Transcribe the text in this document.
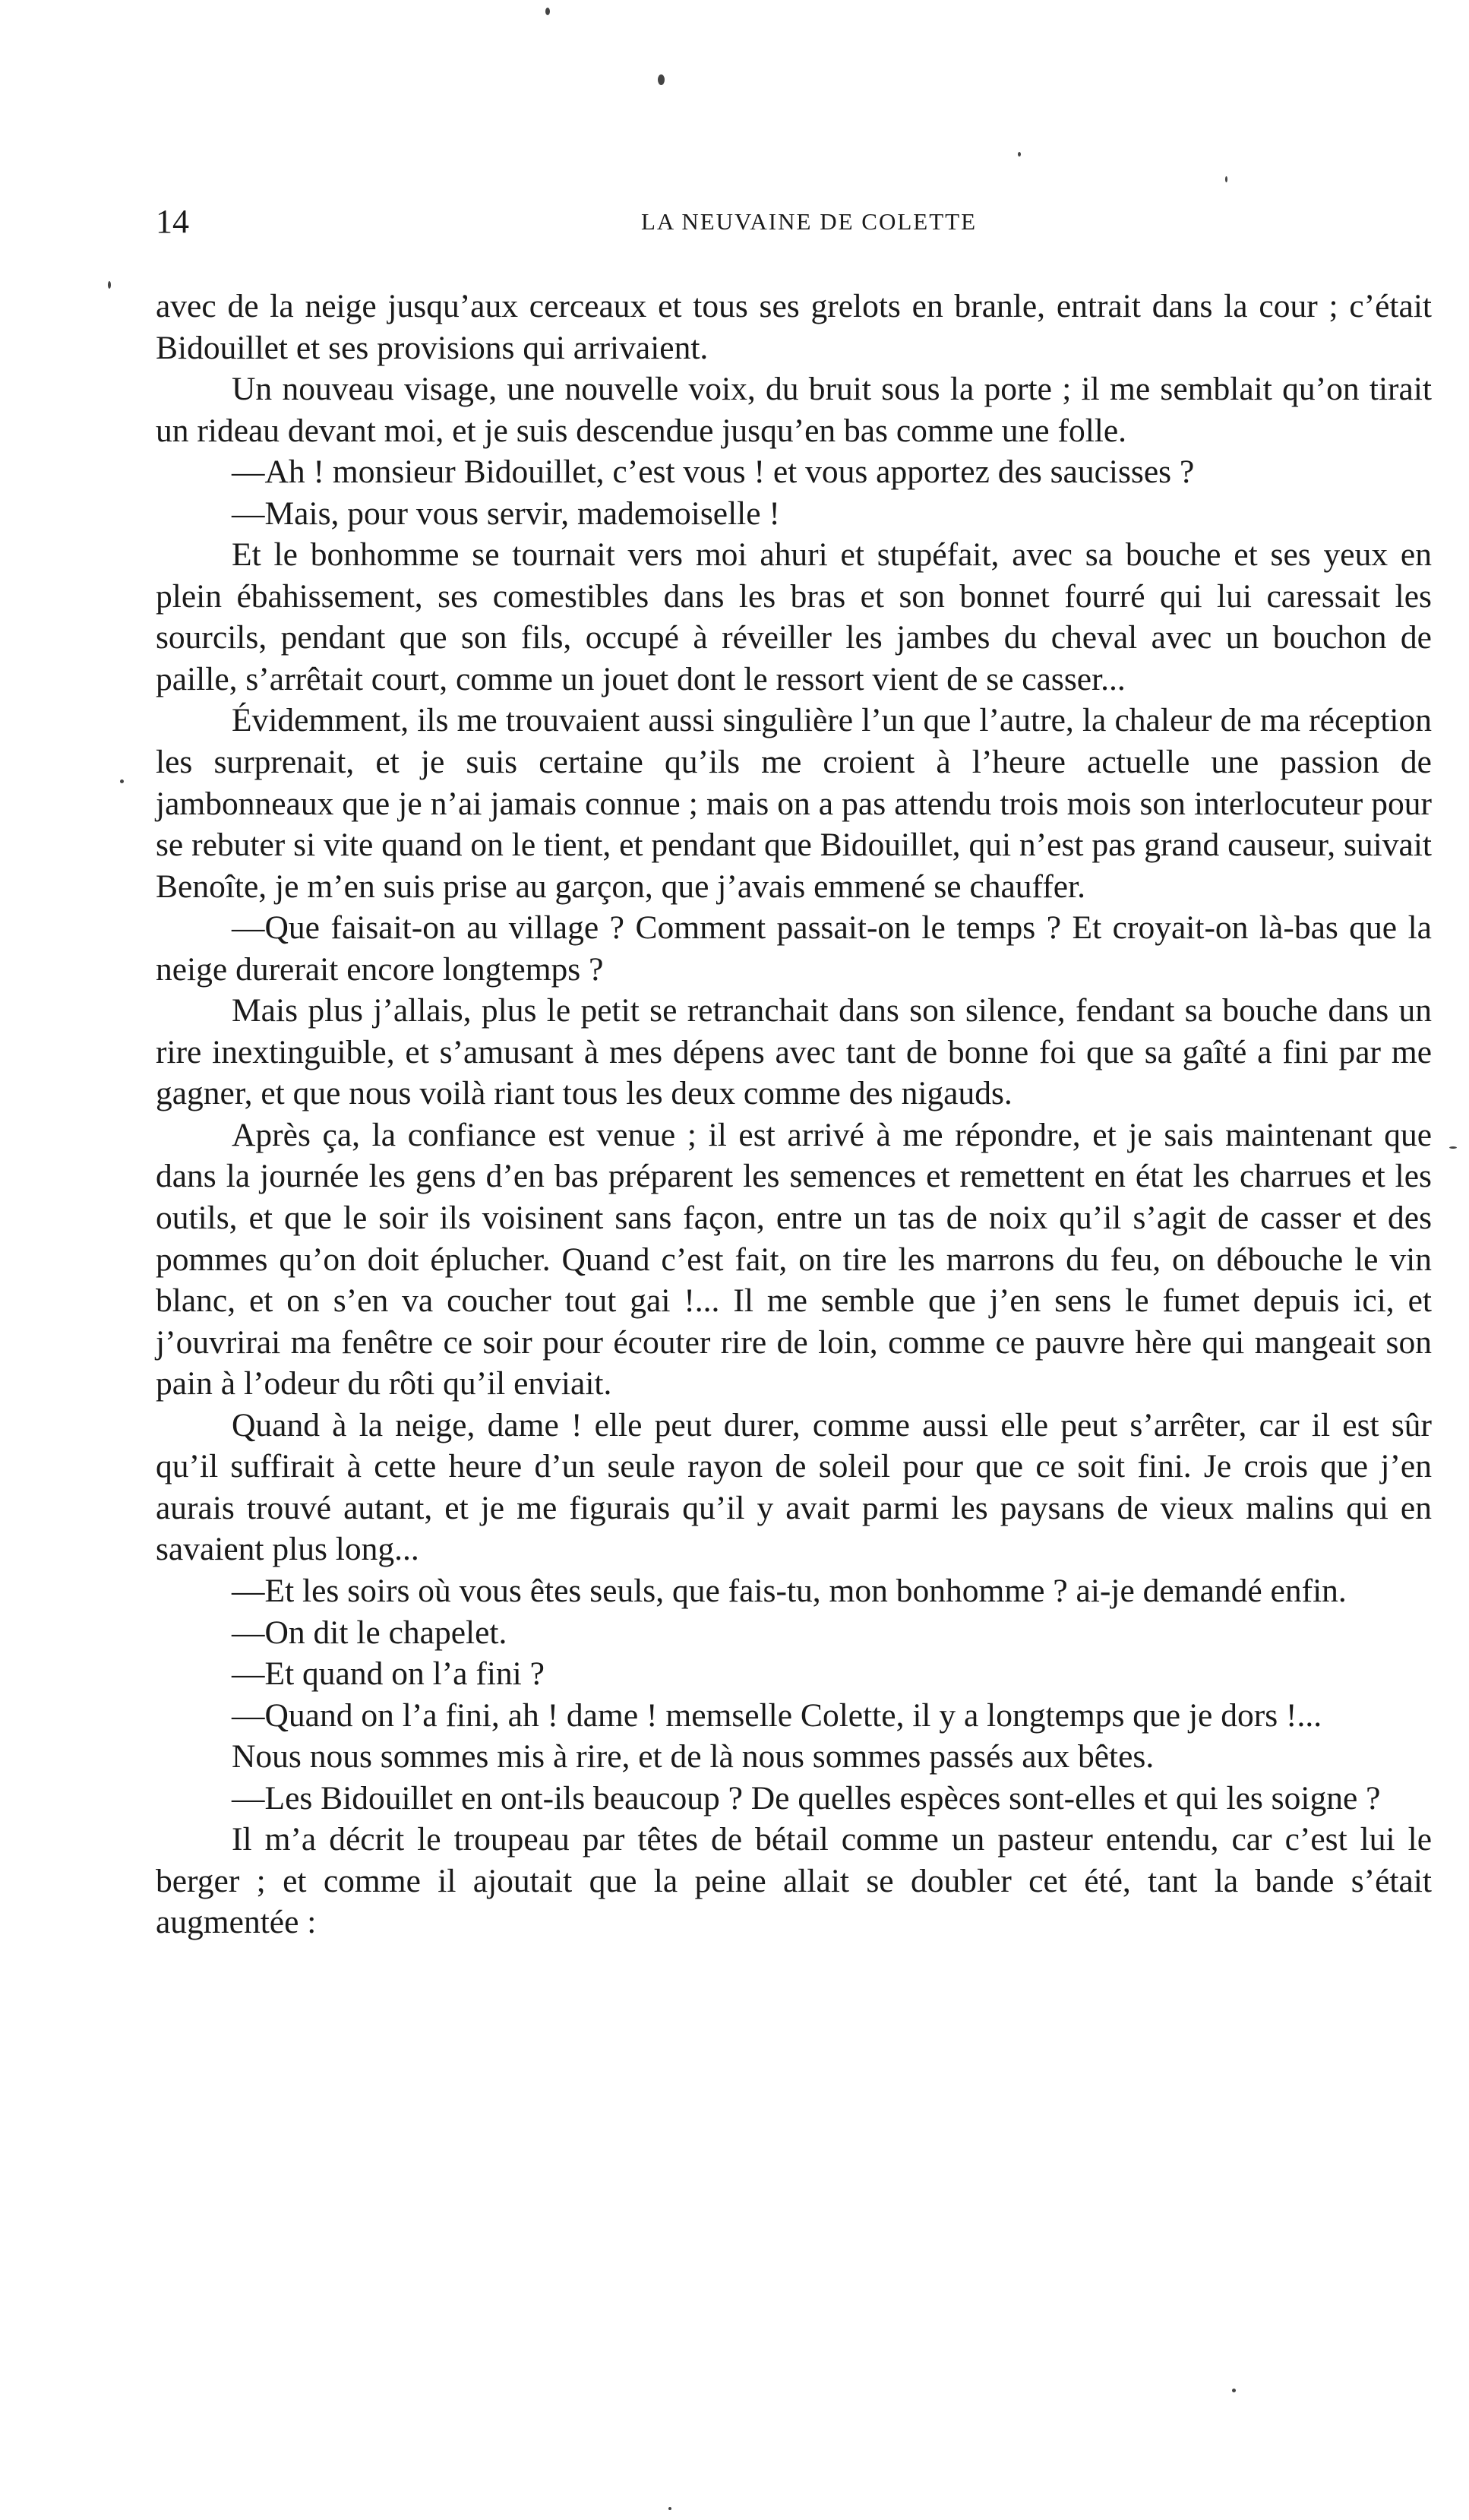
14	LA NEUVAINE DE COLETTE

avec de la neige jusqu’aux cerceaux et tous ses grelots en branle, entrait dans la cour ; c’était Bidouillet et ses provisions qui arrivaient.

Un nouveau visage, une nouvelle voix, du bruit sous la porte ; il me semblait qu’on tirait un rideau devant moi, et je suis descendue jusqu’en bas comme une folle.

—Ah ! monsieur Bidouillet, c’est vous ! et vous apportez des saucisses ?

—Mais, pour vous servir, mademoiselle !

Et le bonhomme se tournait vers moi ahuri et stupéfait, avec sa bouche et ses yeux en plein ébahissement, ses comestibles dans les bras et son bonnet fourré qui lui caressait les sourcils, pendant que son fils, occupé à réveiller les jambes du cheval avec un bouchon de paille, s’arrêtait court, comme un jouet dont le ressort vient de se casser...

Évidemment, ils me trouvaient aussi singulière l’un que l’autre, la chaleur de ma réception les surprenait, et je suis certaine qu’ils me croient à l’heure actuelle une passion de jambonneaux que je n’ai jamais connue ; mais on a pas attendu trois mois son interlocuteur pour se rebuter si vite quand on le tient, et pendant que Bidouillet, qui n’est pas grand causeur, suivait Benoîte, je m’en suis prise au garçon, que j’avais emmené se chauffer.

—Que faisait-on au village ? Comment passait-on le temps ? Et croyait-on là-bas que la neige durerait encore longtemps ?

Mais plus j’allais, plus le petit se retranchait dans son silence, fendant sa bouche dans un rire inextinguible, et s’amusant à mes dépens avec tant de bonne foi que sa gaîté a fini par me gagner, et que nous voilà riant tous les deux comme des nigauds.

Après ça, la confiance est venue ; il est arrivé à me répondre, et je sais maintenant que dans la journée les gens d’en bas préparent les semences et remettent en état les charrues et les outils, et que le soir ils voisinent sans façon, entre un tas de noix qu’il s’agit de casser et des pommes qu’on doit éplucher. Quand c’est fait, on tire les marrons du feu, on débouche le vin blanc, et on s’en va coucher tout gai !... Il me semble que j’en sens le fumet depuis ici, et j’ouvrirai ma fenêtre ce soir pour écouter rire de loin, comme ce pauvre hère qui mangeait son pain à l’odeur du rôti qu’il enviait.

Quand à la neige, dame ! elle peut durer, comme aussi elle peut s’arrêter, car il est sûr qu’il suffirait à cette heure d’un seule rayon de soleil pour que ce soit fini. Je crois que j’en aurais trouvé autant, et je me figurais qu’il y avait parmi les paysans de vieux malins qui en savaient plus long...

—Et les soirs où vous êtes seuls, que fais-tu, mon bonhomme ? ai-je demandé enfin.

—On dit le chapelet.

—Et quand on l’a fini ?

—Quand on l’a fini, ah ! dame ! memselle Colette, il y a longtemps que je dors !...

Nous nous sommes mis à rire, et de là nous sommes passés aux bêtes.

—Les Bidouillet en ont-ils beaucoup ? De quelles espèces sont-elles et qui les soigne ?

Il m’a décrit le troupeau par têtes de bétail comme un pasteur entendu, car c’est lui le berger ; et comme il ajoutait que la peine allait se doubler cet été, tant la bande s’était augmentée :
